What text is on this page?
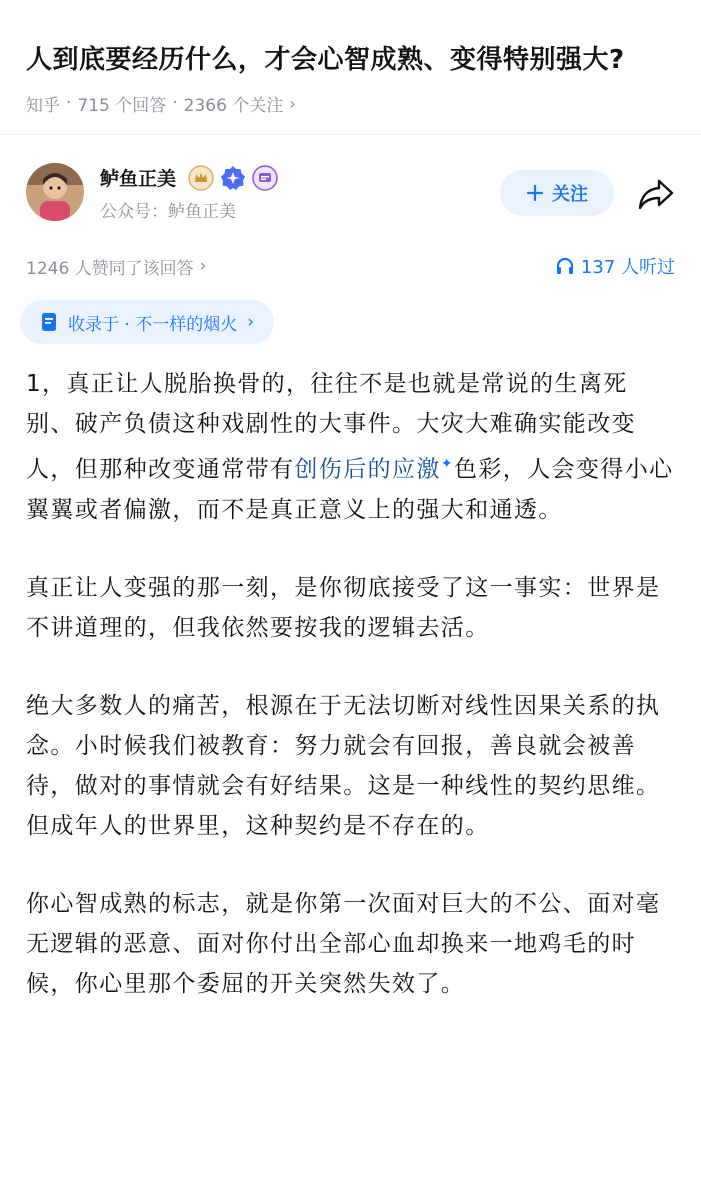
人到底要经历什么，才会心智成熟、变得特别强大?
知乎 · 715 个回答 · 2366 个关注 ›
鲈鱼正美
公众号：鲈鱼正美
关注
1246 人赞同了该回答 ›	137 人听过
收录于 · 不一样的烟火 ›

1，真正让人脱胎换骨的，往往不是也就是常说的生离死别、破产负债这种戏剧性的大事件。大灾大难确实能改变人，但那种改变通常带有创伤后的应激✦色彩，人会变得小心翼翼或者偏激，而不是真正意义上的强大和通透。

真正让人变强的那一刻，是你彻底接受了这一事实：世界是不讲道理的，但我依然要按我的逻辑去活。

绝大多数人的痛苦，根源在于无法切断对线性因果关系的执念。小时候我们被教育：努力就会有回报，善良就会被善待，做对的事情就会有好结果。这是一种线性的契约思维。但成年人的世界里，这种契约是不存在的。

你心智成熟的标志，就是你第一次面对巨大的不公、面对毫无逻辑的恶意、面对你付出全部心血却换来一地鸡毛的时候，你心里那个委屈的开关突然失效了。
